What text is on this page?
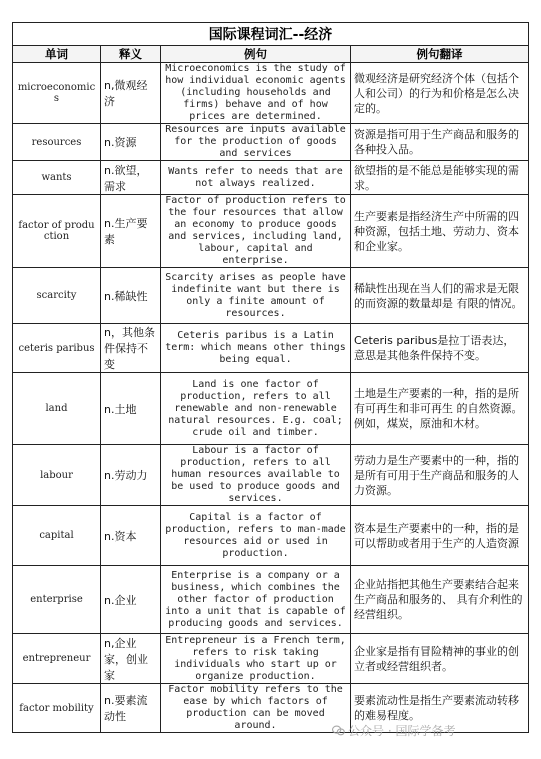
国际课程词汇--经济			
单词	释义	例句	例句翻译
microeconomics	n,微观经济	Microeconomics is the study of how individual economic agents (including households and firms) behave and of how prices are determined.	微观经济是研究经济个体（包括个人和公司）的行为和价格是怎么决定的。
resources	n.资源	Resources are inputs available for the production of goods and services	资源是指可用于生产商品和服务的各种投入品。
wants	n.欲望，需求	Wants refer to needs that are not always realized.	欲望指的是不能总是能够实现的需求。
factor of production	n.生产要素	Factor of production refers to the four resources that allow an economy to produce goods and services, including land, labour, capital and enterprise.	生产要素是指经济生产中所需的四种资源，包括土地、劳动力、资本和企业家。
scarcity	n.稀缺性	Scarcity arises as people have indefinite want but there is only a finite amount of resources.	稀缺性出现在当人们的需求是无限的而资源的数量却是 有限的情况。
ceteris paribus	n，其他条件保持不变	Ceteris paribus is a Latin term: which means other things being equal.	Ceteris paribus是拉丁语表达，意思是其他条件保持不变。
land	n.土地	Land is one factor of production, refers to all renewable and non-renewable natural resources. E.g. coal; crude oil and timber.	土地是生产要素的一种，指的是所有可再生和非可再生 的自然资源。例如，煤炭，原油和木材。
labour	n.劳动力	Labour is a factor of production, refers to all human resources available to be used to produce goods and services.	劳动力是生产要素中的一种，指的是所有可用于生产商品和服务的人力资源。
capital	n.资本	Capital is a factor of production, refers to man-made resources aid or used in production.	资本是生产要素中的一种，指的是可以帮助或者用于生产的人造资源
enterprise	n.企业	Enterprise is a company or a business, which combines the other factor of production into a unit that is capable of producing goods and services.	企业站指把其他生产要素结合起来生产商品和服务的、 具有介利性的经营组织。
entrepreneur	n,企业家，创业家	Entrepreneur is a French term, refers to risk taking individuals who start up or organize production.	企业家是指有冒险精神的事业的创立者或经营组织者。
factor mobility	n.要素流动性	Factor mobility refers to the ease by which factors of production can be moved around.	要素流动性是指生产要素流动转移的难易程度。
公众号 · 国际学备考
